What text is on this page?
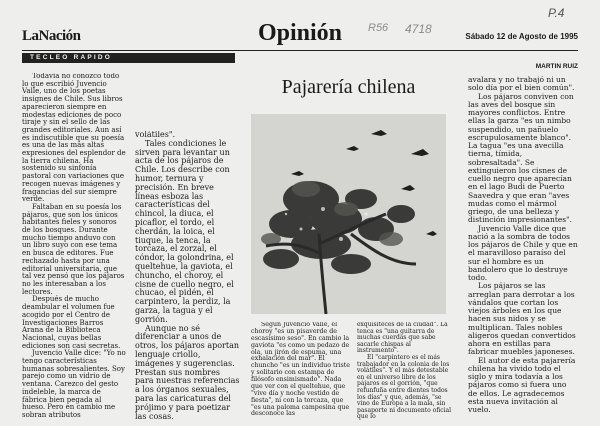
LaNación	Opinión	Sábado 12 de Agosto de 1995
R56 4718
P.4
TECLEO RAPIDO
MARTIN RUIZ

Todavía no conozco todo lo que escribió Juvencio Valle, uno de los poetas insignes de Chile. Sus libros aparecieron siempre en modestas ediciones de poco tiraje y sin el sello de las grandes editoriales. Aun así es indiscutible que su poesía es una de las más altas expresiones del esplendor de la tierra chilena. Ha sostenido su sinfonía pastoral con variaciones que recogen nuevas imágenes y fragancias del sur siempre verde.

Faltaban en su poesía los pájaros, que son los únicos habitantes fieles y sonoros de los bosques. Durante mucho tiempo anduvo con un libro suyo con ese tema en busca de editores. Fue rechazado hasta por una editorial universitaria, que tal vez pensó que los pájaros no les interesaban a los lectores.

Después de mucho deambular el volumen fue acogido por el Centro de Investigaciones Barros Arana de la Biblioteca Nacional, cuyas bellas ediciones son casi secretas.

Juvencio Valle dice: "Yo no tengo características humanas sobresalientes. Soy parejo como un vidrio de ventana. Carezco del gesto indeleble, la marca de fábrica bien pegada al hueso. Pero en cambio me sobran atributos

volátiles".

Tales condiciones le sirven para levantar un acta de los pájaros de Chile. Los describe con humor, ternura y precisión. En breve líneas esboza las características del chincol, la diuca, el picaflor, el tordo, el cherdán, la loica, el tiuque, la tenca, la torcaza, el zorzal, el cóndor, la golondrina, el queltehue, la gaviota, el chuncho, el choroy, el cisne de cuello negro, el chucao, el pidén, el carpintero, la perdiz, la garza, la tagua y el gorrión.

Aunque no sé diferenciar a unos de otros, los pájaros aportan lenguaje criollo, imágenes y sugerencias. Prestan sus nombres para nuestras referencias a los órganos sexuales, para las caricaturas del prójimo y para poetizar las cosas.

Pajarería chilena

Según Juvencio Valle, el choroy "es un pisaverde de escasísimo seso". En cambio la gaviota "es como un pedazo de ola, un jirón de espuma, una exhalación del mar". El chuncho "es un individuo triste y solitario con estampa de filósofo ensimismado". Nada que ver con el queltehue, que "vive día y noche vestido de fiesta", ni con la torcaza, que "es una paloma campesina que desconoce las

exquisiteces de la ciudad". La tenca es "una guitarra de muchas cuerdas que sabe sacarle chispas al instrumento".

El "carpintero es el más trabajador en la colonia de los volátiles". Y el más detestable en el universo libre de los pájaros es el gorrión, "que refunfuña entre dientes todos los días" y que, además, "se vino de Europa a la mala, sin pasaporte ni documento oficial que lo

avalara y no trabajó ni un solo día por el bien común".

Los pájaros conviven con las aves del bosque sin mayores conflictos. Entre ellas la garza "es un nimbo suspendido, un pañuelo escrupulosamente blanco". La tagua "es una avecilla tierna, tímida, sobresaltada". Se extinguieron los cisnes de cuello negro que aparecían en el lago Budi de Puerto Saavedra y que eran "aves mudas como el mármol griego, de una belleza y distinción impresionantes".

Juvencio Valle dice que nació a la sombra de todos los pájaros de Chile y que en el maravilloso paraíso del sur el hombre es un bandolero que lo destruye todo.

Los pájaros se las arreglan para derrotar a los vándalos que cortan los viejos árboles en los que hacen sus nidos y se multiplican. Tales nobles aligeros quedan convertidos ahora en estillas para fabricar muebles japoneses.

El autor de esta pajarería chilena ha vivido todo el siglo y mira todavía a los pájaros como si fuera uno de ellos. Le agradecemos esta nueva invitación al vuelo.
